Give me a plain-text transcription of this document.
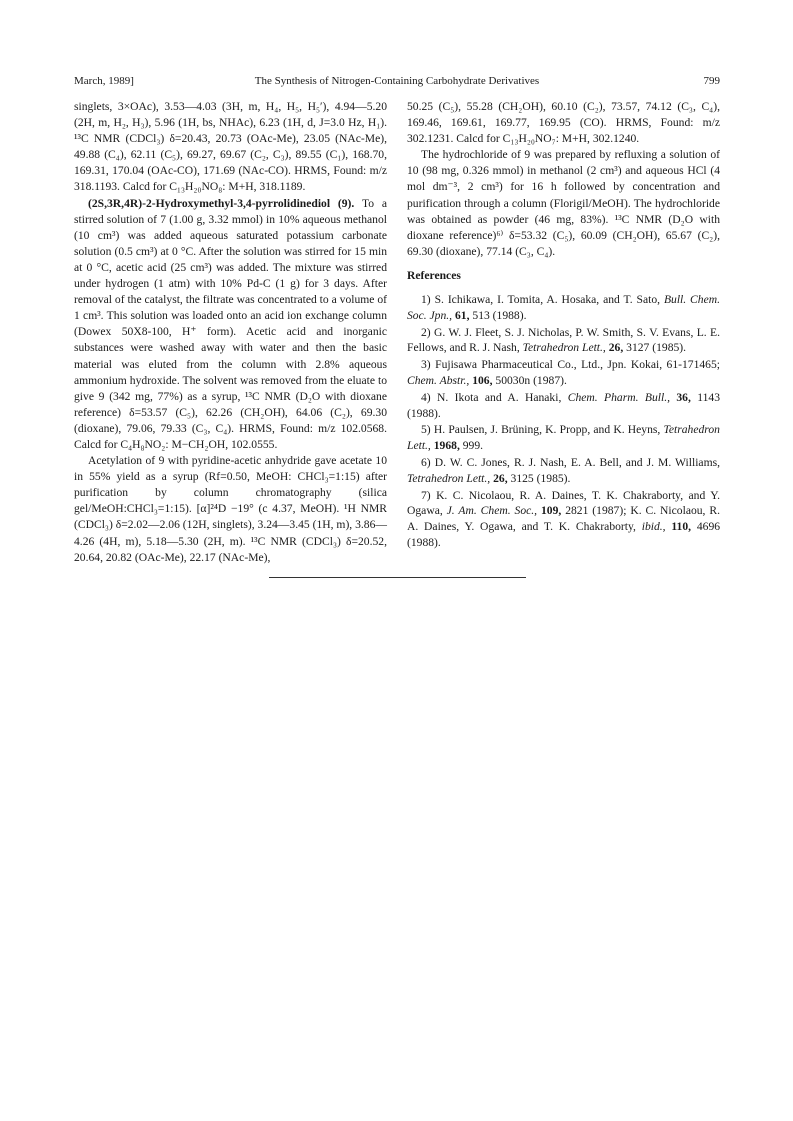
March, 1989]	The Synthesis of Nitrogen-Containing Carbohydrate Derivatives	799

singlets, 3×OAc), 3.53—4.03 (3H, m, H₄, H₅, H₅′), 4.94—5.20 (2H, m, H₂, H₃), 5.96 (1H, bs, NHAc), 6.23 (1H, d, J=3.0 Hz, H₁). ¹³C NMR (CDCl₃) δ=20.43, 20.73 (OAc-Me), 23.05 (NAc-Me), 49.88 (C₄), 62.11 (C₅), 69.27, 69.67 (C₂, C₃), 89.55 (C₁), 168.70, 169.31, 170.04 (OAc-CO), 171.69 (NAc-CO). HRMS, Found: m/z 318.1193. Calcd for C₁₃H₂₀NO₈: M+H, 318.1189.

(2S,3R,4R)-2-Hydroxymethyl-3,4-pyrrolidinediol (9). To a stirred solution of 7 (1.00 g, 3.32 mmol) in 10% aqueous methanol (10 cm³) was added aqueous saturated potassium carbonate solution (0.5 cm³) at 0 °C. After the solution was stirred for 15 min at 0 °C, acetic acid (25 cm³) was added. The mixture was stirred under hydrogen (1 atm) with 10% Pd-C (1 g) for 3 days. After removal of the catalyst, the filtrate was concentrated to a volume of 1 cm³. This solution was loaded onto an acid ion exchange column (Dowex 50X8-100, H⁺ form). Acetic acid and inorganic substances were washed away with water and then the basic material was eluted from the column with 2.8% aqueous ammonium hydroxide. The solvent was removed from the eluate to give 9 (342 mg, 77%) as a syrup, ¹³C NMR (D₂O with dioxane reference) δ=53.57 (C₅), 62.26 (CH₂OH), 64.06 (C₂), 69.30 (dioxane), 79.06, 79.33 (C₃, C₄). HRMS, Found: m/z 102.0568. Calcd for C₄H₈NO₂: M−CH₂OH, 102.0555.

Acetylation of 9 with pyridine-acetic anhydride gave acetate 10 in 55% yield as a syrup (Rf=0.50, MeOH: CHCl₃=1:15) after purification by column chromatography (silica gel/MeOH:CHCl₃=1:15). [α]²⁴D −19° (c 4.37, MeOH). ¹H NMR (CDCl₃) δ=2.02—2.06 (12H, singlets), 3.24—3.45 (1H, m), 3.86—4.26 (4H, m), 5.18—5.30 (2H, m). ¹³C NMR (CDCl₃) δ=20.52, 20.64, 20.82 (OAc-Me), 22.17 (NAc-Me),

50.25 (C₅), 55.28 (CH₂OH), 60.10 (C₂), 73.57, 74.12 (C₃, C₄), 169.46, 169.61, 169.77, 169.95 (CO). HRMS, Found: m/z 302.1231. Calcd for C₁₃H₂₀NO₇: M+H, 302.1240.

The hydrochloride of 9 was prepared by refluxing a solution of 10 (98 mg, 0.326 mmol) in methanol (2 cm³) and aqueous HCl (4 mol dm⁻³, 2 cm³) for 16 h followed by concentration and purification through a column (Florigil/MeOH). The hydrochloride was obtained as powder (46 mg, 83%). ¹³C NMR (D₂O with dioxane reference)⁶⁾ δ=53.32 (C₅), 60.09 (CH₂OH), 65.67 (C₂), 69.30 (dioxane), 77.14 (C₃, C₄).

References

1) S. Ichikawa, I. Tomita, A. Hosaka, and T. Sato, Bull. Chem. Soc. Jpn., 61, 513 (1988).

2) G. W. J. Fleet, S. J. Nicholas, P. W. Smith, S. V. Evans, L. E. Fellows, and R. J. Nash, Tetrahedron Lett., 26, 3127 (1985).

3) Fujisawa Pharmaceutical Co., Ltd., Jpn. Kokai, 61-171465; Chem. Abstr., 106, 50030n (1987).

4) N. Ikota and A. Hanaki, Chem. Pharm. Bull., 36, 1143 (1988).

5) H. Paulsen, J. Brüning, K. Propp, and K. Heyns, Tetrahedron Lett., 1968, 999.

6) D. W. C. Jones, R. J. Nash, E. A. Bell, and J. M. Williams, Tetrahedron Lett., 26, 3125 (1985).

7) K. C. Nicolaou, R. A. Daines, T. K. Chakraborty, and Y. Ogawa, J. Am. Chem. Soc., 109, 2821 (1987); K. C. Nicolaou, R. A. Daines, Y. Ogawa, and T. K. Chakraborty, ibid., 110, 4696 (1988).
